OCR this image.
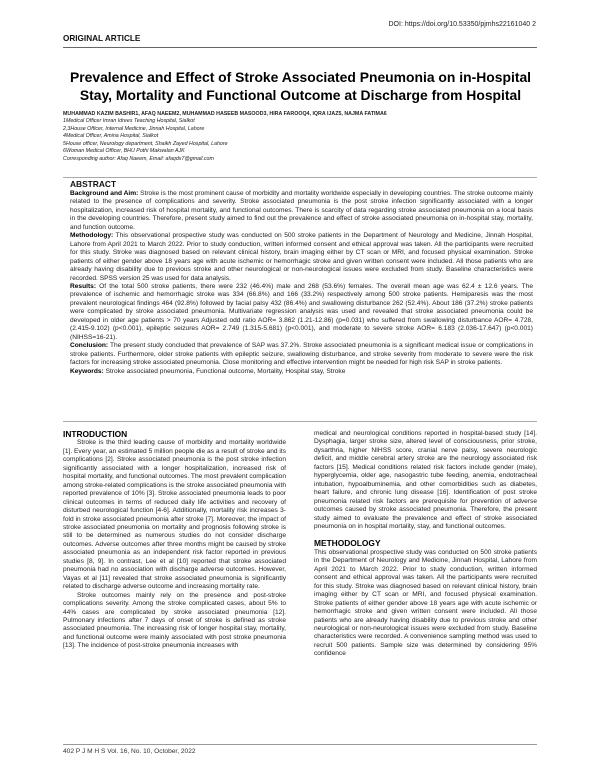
DOI: https://doi.org/10.53350/pjmhs22161040 2
ORIGINAL ARTICLE
Prevalence and Effect of Stroke Associated Pneumonia on in-Hospital Stay, Mortality and Functional Outcome at Discharge from Hospital
MUHAMMAD KAZIM BASHIR1, AFAQ NAEEM2, MUHAMMAD HASEEB MASOOD3, HIRA FAROOQ4, IQRA IJAZ5, NAJMA FATIMA6
1Medical Officer Imran Idrees Teaching Hospital, Sialkot
2,3House Officer, Internal Medicine, Jinnah Hospital, Lahore
4Medical Officer, Amina Hospital, Sialkot
5House officer, Neurology department, Shaikh Zayed Hospital, Lahore
6Woman Medical Officer, BHU Pothi Makwalan AJK
Corresponding author: Afaq Naeem, Email: afaqdx7@gmail.com
ABSTRACT

Background and Aim: Stroke is the most prominent cause of morbidity and mortality worldwide especially in developing countries. The stroke outcome mainly related to the presence of complications and severity. Stroke associated pneumonia is the post stroke infection significantly associated with a longer hospitalization, increased risk of hospital mortality, and functional outcomes. There is scarcity of data regarding stroke associated pneumonia on a local basis in the developing countries. Therefore, present study aimed to find out the prevalence and effect of stroke associated pneumonia on in-hospital stay, mortality, and function outcome.

Methodology: This observational prospective study was conducted on 500 stroke patients in the Department of Neurology and Medicine, Jinnah Hospital, Lahore from April 2021 to March 2022. Prior to study conduction, written informed consent and ethical approval was taken. All the participants were recruited for this study. Stroke was diagnosed based on relevant clinical history, brain imaging either by CT scan or MRI, and focused physical examination. Stroke patients of either gender above 18 years age with acute ischemic or hemorrhagic stroke and given written consent were included. All those patients who are already having disability due to previous stroke and other neurological or non-neurological issues were excluded from study. Baseline characteristics were recorded. SPSS version 25 was used for data analysis.

Results: Of the total 500 stroke patients, there were 232 (46.4%) male and 268 (53.6%) females. The overall mean age was 62.4 ± 12.6 years. The prevalence of ischemic and hemorrhagic stroke was 334 (66.8%) and 166 (33.2%) respectively among 500 stroke patients. Hemiparesis was the most prevalent neurological findings 464 (92.8%) followed by facial palsy 432 (86.4%) and swallowing disturbance 262 (52.4%). About 186 (37.2%) stroke patients were complicated by stroke associated pneumonia. Multivariate regression analysis was used and revealed that stroke associated pneumonia could be developed in older age patients > 70 years Adjusted odd ratio AOR= 3.862 (1.21-12.86) (p=0.031) who suffered from swallowing disturbance AOR= 4.728, (2.415-9.102) (p<0.001), epileptic seizures AOR= 2.749 (1.315-5.681) (p<0.001), and moderate to severe stroke AOR= 6.183 (2.036-17.647) (p<0.001) (NIHSS=16-21).

Conclusion: The present study concluded that prevalence of SAP was 37.2%. Stroke associated pneumonia is a significant medical issue or complications in stroke patients. Furthermore, older stroke patients with epileptic seizure, swallowing disturbance, and stroke severity from moderate to severe were the risk factors for increasing stroke associated pneumonia. Close monitoring and effective intervention might be needed for high risk SAP in stroke patients.

Keywords: Stroke associated pneumonia, Functional outcome, Mortality, Hospital stay, Stroke

INTRODUCTION

Stroke is the third leading cause of morbidity and mortality worldwide [1]. Every year, an estimated 5 million people die as a result of stroke and its complications [2]. Stroke associated pneumonia is the post stroke infection significantly associated with a longer hospitalization, increased risk of hospital mortality, and functional outcomes. The most prevalent complication among stroke-related complications is the stroke associated pneumonia with reported prevalence of 10% [3]. Stroke associated pneumonia leads to poor clinical outcomes in terms of reduced daily life activities and recovery of disturbed neurological function [4-6]. Additionally, mortality risk increases 3-fold in stroke associated pneumonia after stroke [7]. Moreover, the impact of stroke associated pneumonia on mortality and prognosis following stroke is still to be determined as numerous studies do not consider discharge outcomes. Adverse outcomes after three months might be caused by stroke associated pneumonia as an independent risk factor reported in previous studies [8, 9]. In contrast, Lee et al [10] reported that stroke associated pneumonia had no association with discharge adverse outcomes. However, Vayas et al [11] revealed that stroke associated pneumonia is significantly related to discharge adverse outcome and increasing mortality rate.

Stroke outcomes mainly rely on the presence and post-stroke complications severity. Among the stroke complicated cases, about 5% to 44% cases are complicated by stroke associated pneumonia [12]. Pulmonary infections after 7 days of onset of stroke is defined as stroke associated pneumonia. The increasing risk of longer hospital stay, mortality, and functional outcome were mainly associated with post stroke pneumonia [13]. The incidence of post-stroke pneumonia increases with

medical and neurological conditions reported in hospital-based study [14]. Dysphagia, larger stroke size, altered level of consciousness, prior stroke, dysarthria, higher NIHSS score, cranial nerve palsy, severe neurologic deficit, and middle cerebral artery stroke are the neurology associated risk factors [15]. Medical conditions related risk factors include gender (male), hyperglycemia, older age, nasogastric tube feeding, anemia, endotracheal intubation, hypoalbuminemia, and other comorbidities such as diabetes, heart failure, and chronic lung disease [16]. Identification of post stroke pneumonia related risk factors are prerequisite for prevention of adverse outcomes caused by stroke associated pneumonia. Therefore, the present study aimed to evaluate the prevalence and effect of stroke associated pneumonia on in hospital mortality, stay, and functional outcomes.

METHODOLOGY

This observational prospective study was conducted on 500 stroke patients in the Department of Neurology and Medicine, Jinnah Hospital, Lahore from April 2021 to March 2022. Prior to study conduction, written informed consent and ethical approval was taken. All the participants were recruited for this study. Stroke was diagnosed based on relevant clinical history, brain imaging either by CT scan or MRI, and focused physical examination. Stroke patients of either gender above 18 years age with acute ischemic or hemorrhagic stroke and given written consent were included. All those patients who are already having disability due to previous stroke and other neurological or non-neurological issues were excluded from study. Baseline characteristics were recorded. A convenience sampling method was used to recruit 500 patients. Sample size was determined by considering 95% confidence

402 P J M H S Vol. 16, No. 10, October, 2022
